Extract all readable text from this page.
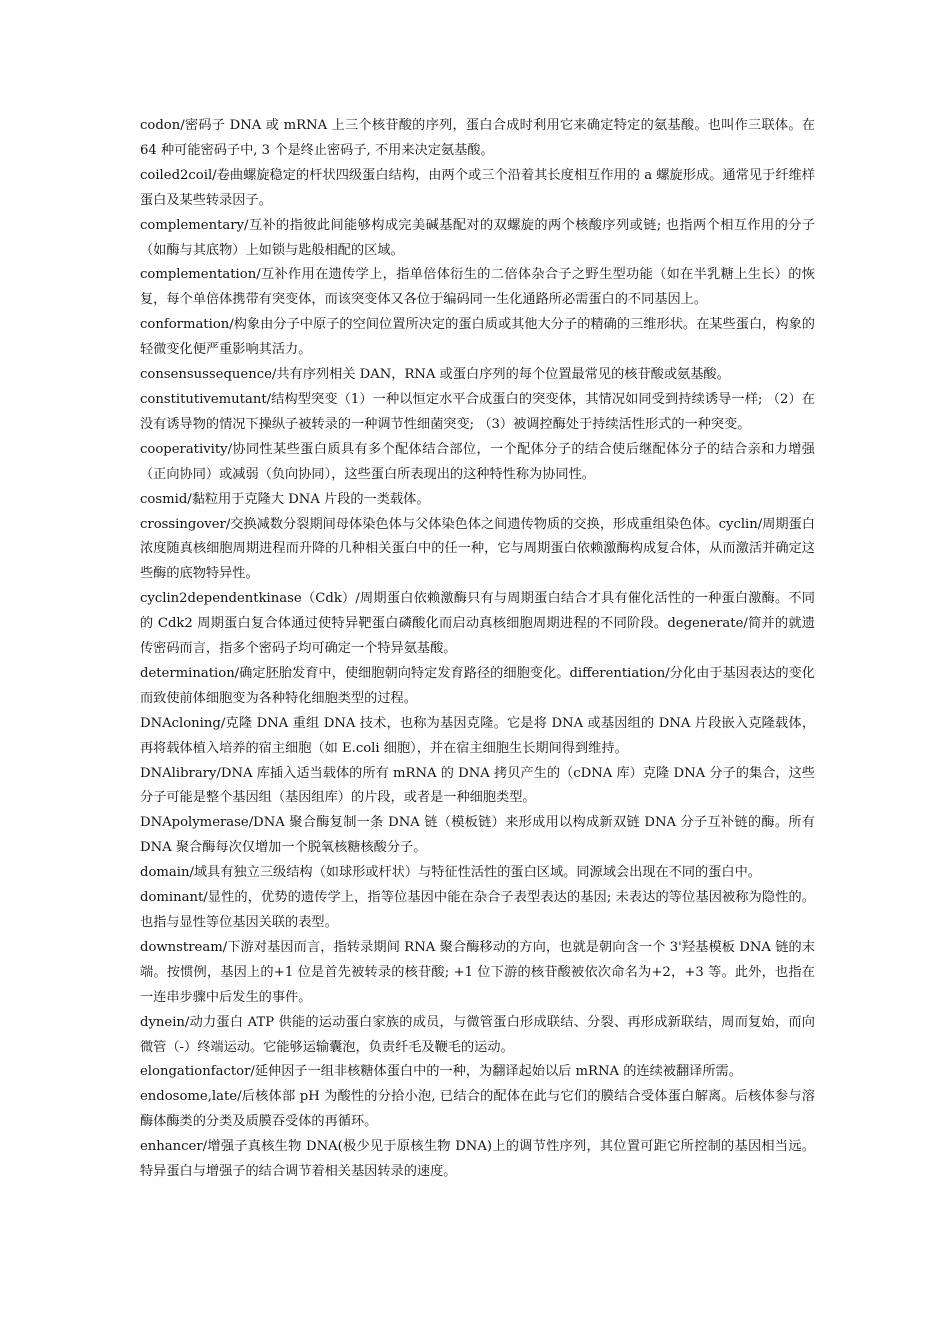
codon/密码子 DNA 或 mRNA 上三个核苷酸的序列，蛋白合成时利用它来确定特定的氨基酸。也叫作三联体。在 64 种可能密码子中, 3 个是终止密码子, 不用来决定氨基酸。

coiled2coil/卷曲螺旋稳定的杆状四级蛋白结构，由两个或三个沿着其长度相互作用的 a 螺旋形成。通常见于纤维样蛋白及某些转录因子。

complementary/互补的指彼此间能够构成完美碱基配对的双螺旋的两个核酸序列或链; 也指两个相互作用的分子（如酶与其底物）上如锁与匙般相配的区域。

complementation/互补作用在遗传学上，指单倍体衍生的二倍体杂合子之野生型功能（如在半乳糖上生长）的恢复，每个单倍体携带有突变体，而该突变体又各位于编码同一生化通路所必需蛋白的不同基因上。

conformation/构象由分子中原子的空间位置所决定的蛋白质或其他大分子的精确的三维形状。在某些蛋白，构象的轻微变化便严重影响其活力。

consensussequence/共有序列相关 DAN，RNA 或蛋白序列的每个位置最常见的核苷酸或氨基酸。

constitutivemutant/结构型突变（1）一种以恒定水平合成蛋白的突变体，其情况如同受到持续诱导一样; （2）在没有诱导物的情况下操纵子被转录的一种调节性细菌突变; （3）被调控酶处于持续活性形式的一种突变。

cooperativity/协同性某些蛋白质具有多个配体结合部位，一个配体分子的结合使后继配体分子的结合亲和力增强（正向协同）或减弱（负向协同），这些蛋白所表现出的这种特性称为协同性。

cosmid/黏粒用于克隆大 DNA 片段的一类载体。

crossingover/交换减数分裂期间母体染色体与父体染色体之间遗传物质的交换，形成重组染色体。cyclin/周期蛋白浓度随真核细胞周期进程而升降的几种相关蛋白中的任一种，它与周期蛋白依赖激酶构成复合体，从而激活并确定这些酶的底物特异性。

cyclin2dependentkinase（Cdk）/周期蛋白依赖激酶只有与周期蛋白结合才具有催化活性的一种蛋白激酶。不同的 Cdk2 周期蛋白复合体通过使特异靶蛋白磷酸化而启动真核细胞周期进程的不同阶段。degenerate/简并的就遗传密码而言，指多个密码子均可确定一个特异氨基酸。

determination/确定胚胎发育中，使细胞朝向特定发育路径的细胞变化。differentiation/分化由于基因表达的变化而致使前体细胞变为各种特化细胞类型的过程。

DNAcloning/克隆 DNA 重组 DNA 技术，也称为基因克隆。它是将 DNA 或基因组的 DNA 片段嵌入克隆载体，再将载体植入培养的宿主细胞（如 E.coli 细胞），并在宿主细胞生长期间得到维持。

DNAlibrary/DNA 库插入适当载体的所有 mRNA 的 DNA 拷贝产生的（cDNA 库）克隆 DNA 分子的集合，这些分子可能是整个基因组（基因组库）的片段，或者是一种细胞类型。

DNApolymerase/DNA 聚合酶复制一条 DNA 链（模板链）来形成用以构成新双链 DNA 分子互补链的酶。所有 DNA 聚合酶每次仅增加一个脱氧核糖核酸分子。

domain/域具有独立三级结构（如球形或杆状）与特征性活性的蛋白区域。同源域会出现在不同的蛋白中。

dominant/显性的，优势的遗传学上，指等位基因中能在杂合子表型表达的基因; 未表达的等位基因被称为隐性的。也指与显性等位基因关联的表型。

downstream/下游对基因而言，指转录期间 RNA 聚合酶移动的方向，也就是朝向含一个 3'羟基模板 DNA 链的末端。按惯例，基因上的+1 位是首先被转录的核苷酸; +1 位下游的核苷酸被依次命名为+2，+3 等。此外，也指在一连串步骤中后发生的事件。

dynein/动力蛋白 ATP 供能的运动蛋白家族的成员，与微管蛋白形成联结、分裂、再形成新联结，周而复始，而向微管（-）终端运动。它能够运输囊泡，负责纤毛及鞭毛的运动。

elongationfactor/延伸因子一组非核糖体蛋白中的一种，为翻译起始以后 mRNA 的连续被翻译所需。

endosome,late/后核体部 pH 为酸性的分拾小泡, 已结合的配体在此与它们的膜结合受体蛋白解离。后核体参与溶酶体酶类的分类及质膜吞受体的再循环。

enhancer/增强子真核生物 DNA(极少见于原核生物 DNA)上的调节性序列，其位置可距它所控制的基因相当远。特异蛋白与增强子的结合调节着相关基因转录的速度。
